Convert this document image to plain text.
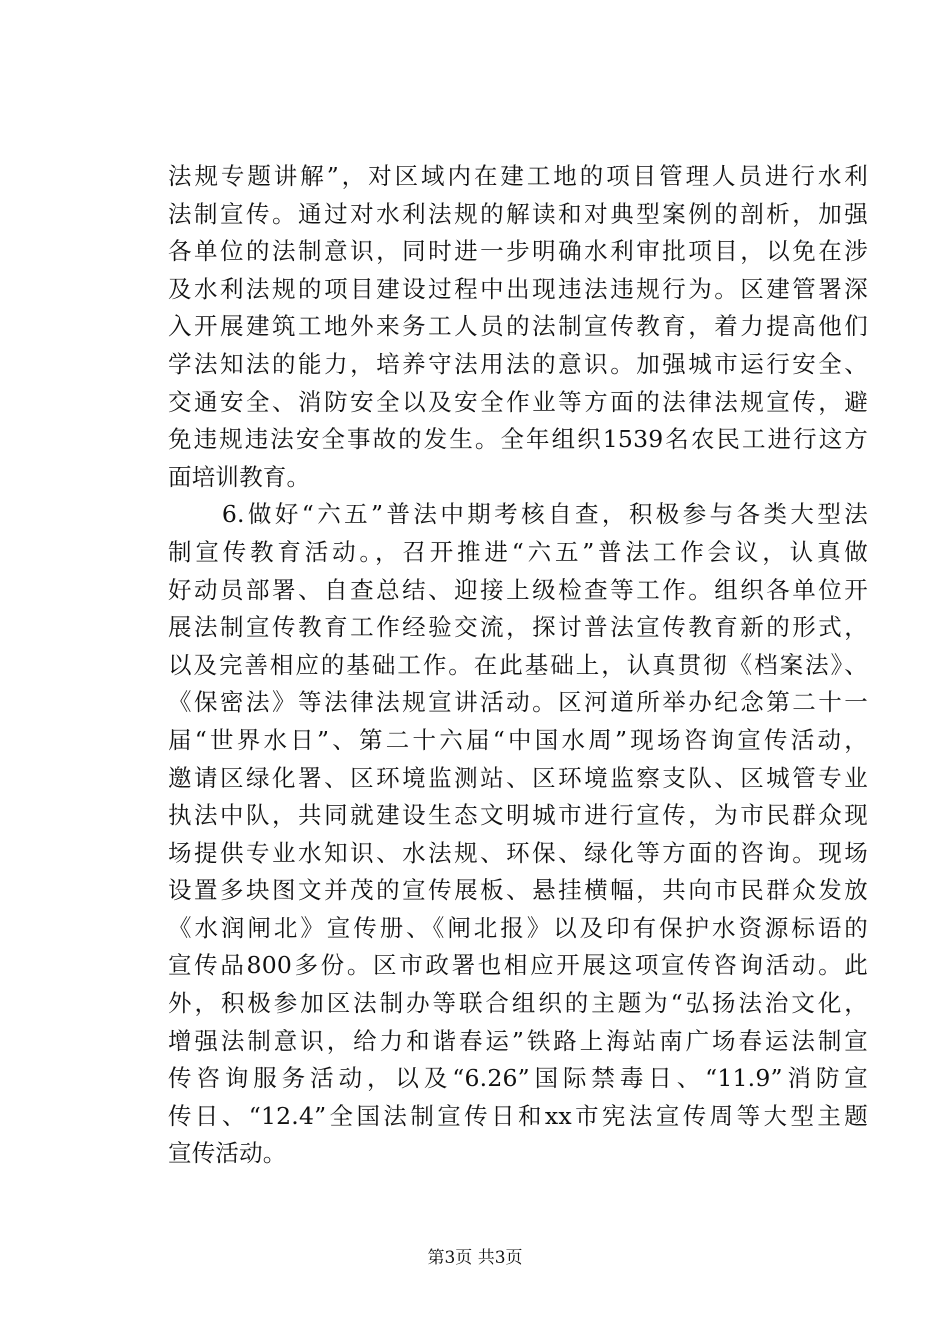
法规专题讲解”，对区域内在建工地的项目管理人员进行水利
法制宣传。通过对水利法规的解读和对典型案例的剖析，加强
各单位的法制意识，同时进一步明确水利审批项目，以免在涉
及水利法规的项目建设过程中出现违法违规行为。区建管署深
入开展建筑工地外来务工人员的法制宣传教育，着力提高他们
学法知法的能力，培养守法用法的意识。加强城市运行安全、
交通安全、消防安全以及安全作业等方面的法律法规宣传，避
免违规违法安全事故的发生。全年组织1539名农民工进行这方
面培训教育。
　　6.做好“六五”普法中期考核自查，积极参与各类大型法
制宣传教育活动。，召开推进“六五”普法工作会议，认真做
好动员部署、自查总结、迎接上级检查等工作。组织各单位开
展法制宣传教育工作经验交流，探讨普法宣传教育新的形式，
以及完善相应的基础工作。在此基础上，认真贯彻《档案法》、
《保密法》等法律法规宣讲活动。区河道所举办纪念第二十一
届“世界水日”、第二十六届“中国水周”现场咨询宣传活动，
邀请区绿化署、区环境监测站、区环境监察支队、区城管专业
执法中队，共同就建设生态文明城市进行宣传，为市民群众现
场提供专业水知识、水法规、环保、绿化等方面的咨询。现场
设置多块图文并茂的宣传展板、悬挂横幅，共向市民群众发放
《水润闸北》宣传册、《闸北报》以及印有保护水资源标语的
宣传品800多份。区市政署也相应开展这项宣传咨询活动。此
外，积极参加区法制办等联合组织的主题为“弘扬法治文化，
增强法制意识，给力和谐春运”铁路上海站南广场春运法制宣
传咨询服务活动，以及“6.26”国际禁毒日、“11.9”消防宣
传日、“12.4”全国法制宣传日和xx市宪法宣传周等大型主题
宣传活动。
第3页 共3页
